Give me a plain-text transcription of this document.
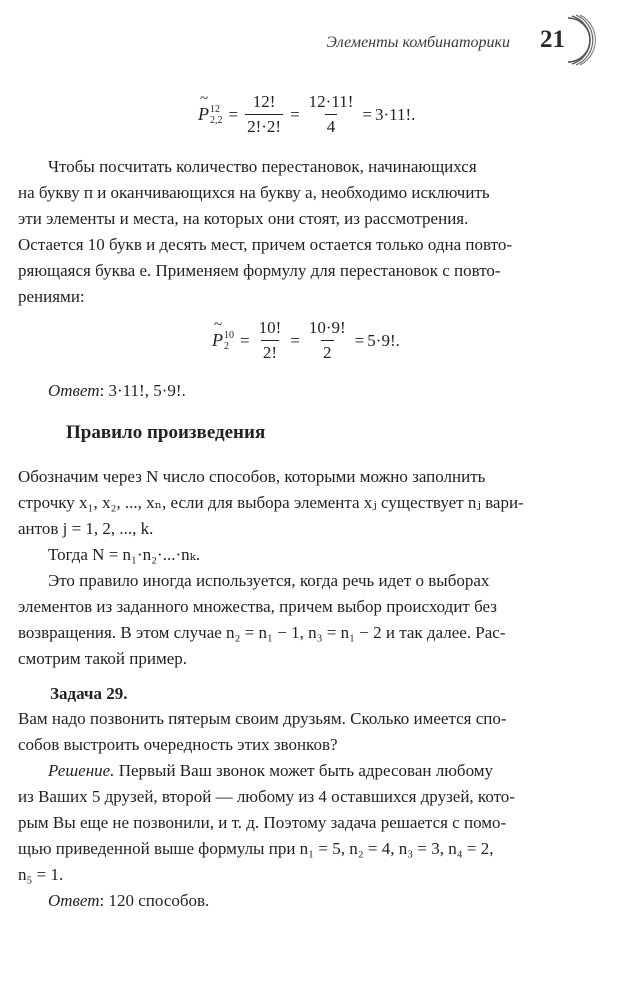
Элементы комбинаторики 21
~
P 12
$2,2 = \frac{12!}{2!\cdot 2!} = \frac{12\cdot 11!}{4} = 3\cdot 11$!.
Чтобы посчитать количество перестановок, начинающихся
на букву п и оканчивающихся на букву а, необходимо исключить
эти элементы и места, на которых они стоят, из рассмотрения.
Остается 10 букв и десять мест, причем остается только одна повто-
ряющаяся буква е. Применяем формулу для перестановок с повто-
рениями:
~
P 10
$2 = \frac{10!}{2!} = \frac{10\cdot 9!}{2} = 5\cdot 9$!.
Ответ: 3·11!, 5·9!.
Правило произведения
Обозначим через N число способов, которыми можно заполнить
строчку x₁, x₂, ..., xₙ, если для выбора элемента xⱼ существует nⱼ вари-
антов j = 1, 2, ..., k.
Тогда N = n₁·n₂·...·nₖ.
Это правило иногда используется, когда речь идет о выборах
элементов из заданного множества, причем выбор происходит без
возвращения. В этом случае n₂ = n₁ − 1, n₃ = n₁ − 2 и так далее. Рас-
смотрим такой пример.
Задача 29.
Вам надо позвонить пятерым своим друзьям. Сколько имеется спо-
собов выстроить очередность этих звонков?
Решение. Первый Ваш звонок может быть адресован любому
из Ваших 5 друзей, второй — любому из 4 оставшихся друзей, кото-
рым Вы еще не позвонили, и т. д. Поэтому задача решается с помо-
щью приведенной выше формулы при n₁ = 5, n₂ = 4, n₃ = 3, n₄ = 2,
n₅ = 1.
Ответ: 120 способов.
